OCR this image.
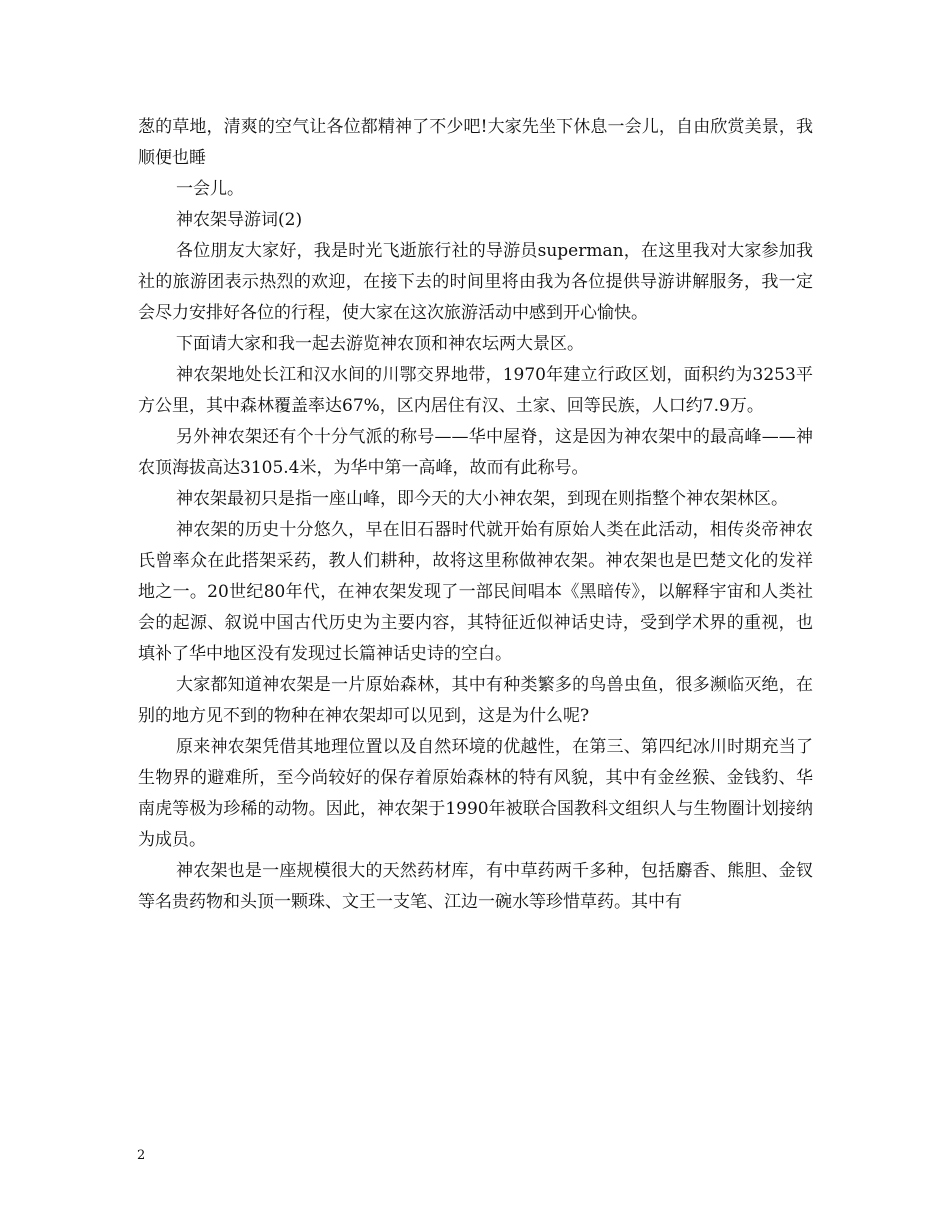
葱的草地，清爽的空气让各位都精神了不少吧!大家先坐下休息一会儿，自由欣赏美景，我顺便也睡

一会儿。

神农架导游词(2)

各位朋友大家好，我是时光飞逝旅行社的导游员superman，在这里我对大家参加我社的旅游团表示热烈的欢迎，在接下去的时间里将由我为各位提供导游讲解服务，我一定会尽力安排好各位的行程，使大家在这次旅游活动中感到开心愉快。

下面请大家和我一起去游览神农顶和神农坛两大景区。

神农架地处长江和汉水间的川鄂交界地带，1970年建立行政区划，面积约为3253平方公里，其中森林覆盖率达67%，区内居住有汉、土家、回等民族，人口约7.9万。

另外神农架还有个十分气派的称号——华中屋脊，这是因为神农架中的最高峰——神农顶海拔高达3105.4米，为华中第一高峰，故而有此称号。

神农架最初只是指一座山峰，即今天的大小神农架，到现在则指整个神农架林区。

神农架的历史十分悠久，早在旧石器时代就开始有原始人类在此活动，相传炎帝神农氏曾率众在此搭架采药，教人们耕种，故将这里称做神农架。神农架也是巴楚文化的发祥地之一。20世纪80年代，在神农架发现了一部民间唱本《黑暗传》，以解释宇宙和人类社会的起源、叙说中国古代历史为主要内容，其特征近似神话史诗，受到学术界的重视，也填补了华中地区没有发现过长篇神话史诗的空白。

大家都知道神农架是一片原始森林，其中有种类繁多的鸟兽虫鱼，很多濒临灭绝，在别的地方见不到的物种在神农架却可以见到，这是为什么呢?

原来神农架凭借其地理位置以及自然环境的优越性，在第三、第四纪冰川时期充当了生物界的避难所，至今尚较好的保存着原始森林的特有风貌，其中有金丝猴、金钱豹、华南虎等极为珍稀的动物。因此，神农架于1990年被联合国教科文组织人与生物圈计划接纳为成员。

神农架也是一座规模很大的天然药材库，有中草药两千多种，包括麝香、熊胆、金钗等名贵药物和头顶一颗珠、文王一支笔、江边一碗水等珍惜草药。其中有

2
